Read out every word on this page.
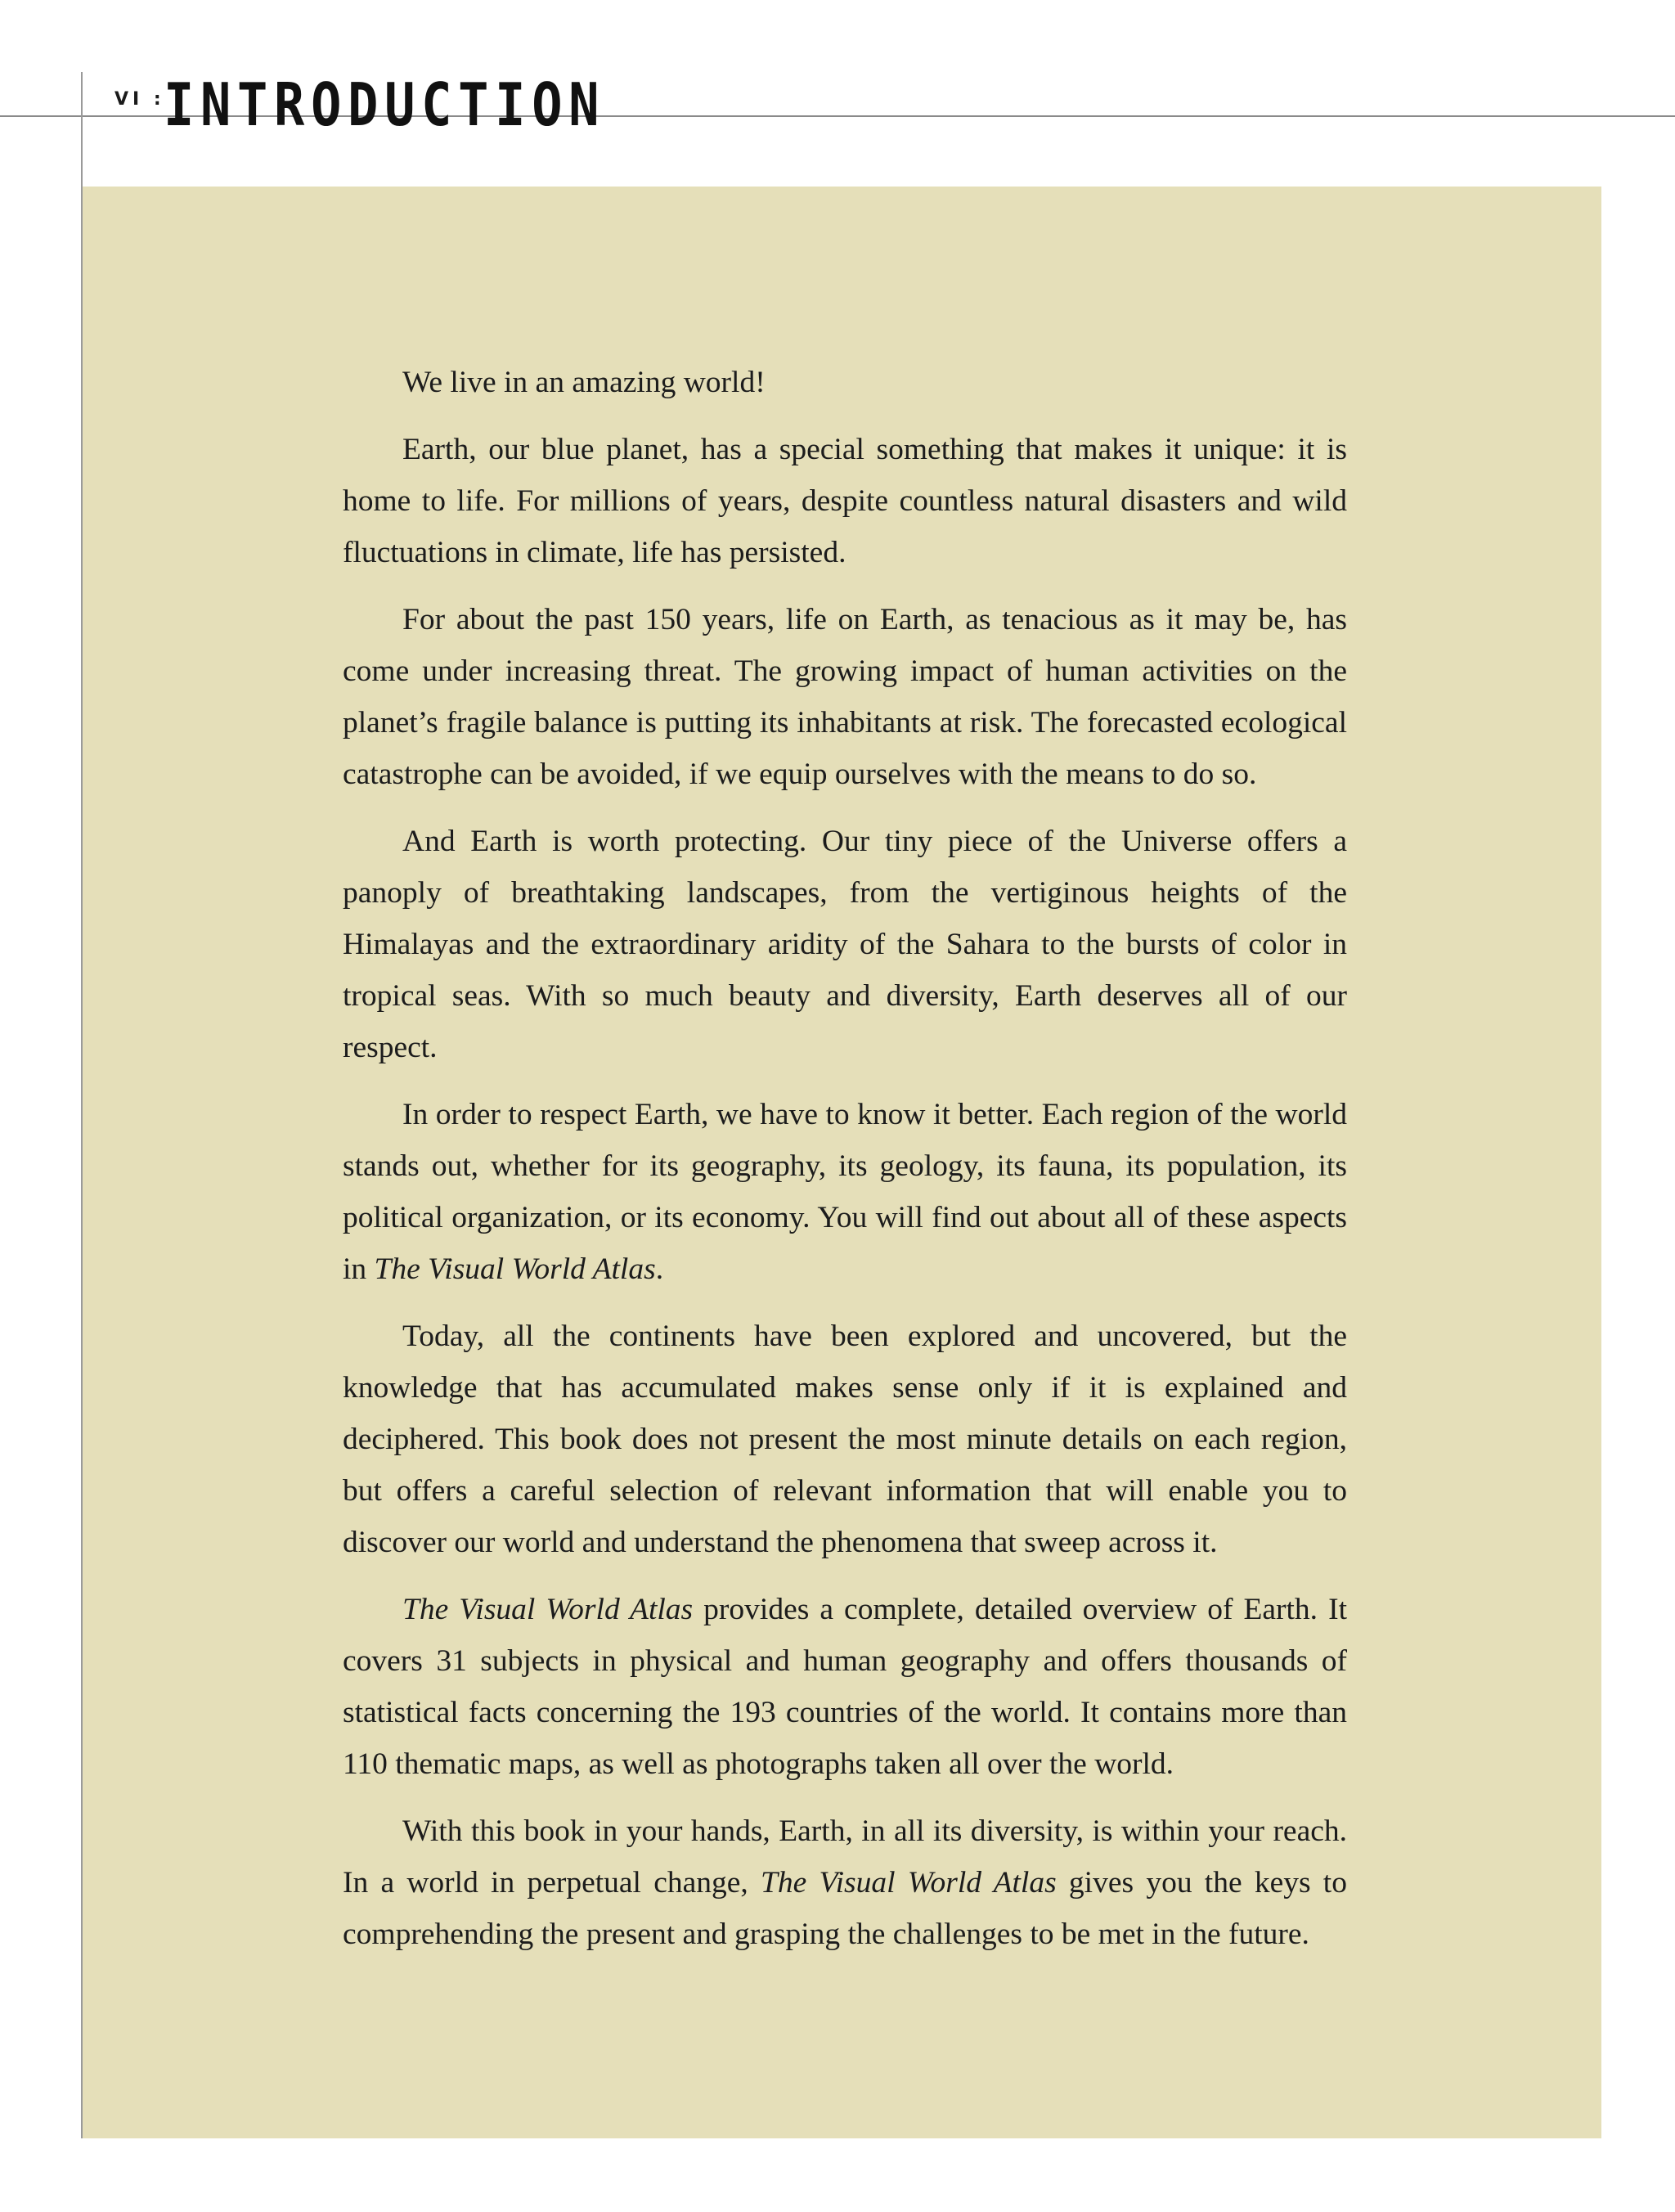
VI :
INTRODUCTION

We live in an amazing world!

Earth, our blue planet, has a special something that makes it unique: it is home to life. For millions of years, despite countless natural disasters and wild fluctuations in climate, life has persisted.

For about the past 150 years, life on Earth, as tenacious as it may be, has come under increasing threat. The growing impact of human activities on the planet’s fragile balance is putting its inhabitants at risk. The forecasted ecological catastrophe can be avoided, if we equip ourselves with the means to do so.

And Earth is worth protecting. Our tiny piece of the Universe offers a panoply of breathtaking landscapes, from the vertiginous heights of the Himalayas and the extraordinary aridity of the Sahara to the bursts of color in tropical seas. With so much beauty and diversity, Earth deserves all of our respect.

In order to respect Earth, we have to know it better. Each region of the world stands out, whether for its geography, its geology, its fauna, its population, its political organization, or its economy. You will find out about all of these aspects in The Visual World Atlas.

Today, all the continents have been explored and uncovered, but the knowledge that has accumulated makes sense only if it is explained and deciphered. This book does not present the most minute details on each region, but offers a careful selection of relevant information that will enable you to discover our world and understand the phenomena that sweep across it.

The Visual World Atlas provides a complete, detailed overview of Earth. It covers 31 subjects in physical and human geography and offers thousands of statistical facts concerning the 193 countries of the world. It contains more than 110 thematic maps, as well as photographs taken all over the world.

With this book in your hands, Earth, in all its diversity, is within your reach. In a world in perpetual change, The Visual World Atlas gives you the keys to comprehending the present and grasping the challenges to be met in the future.
